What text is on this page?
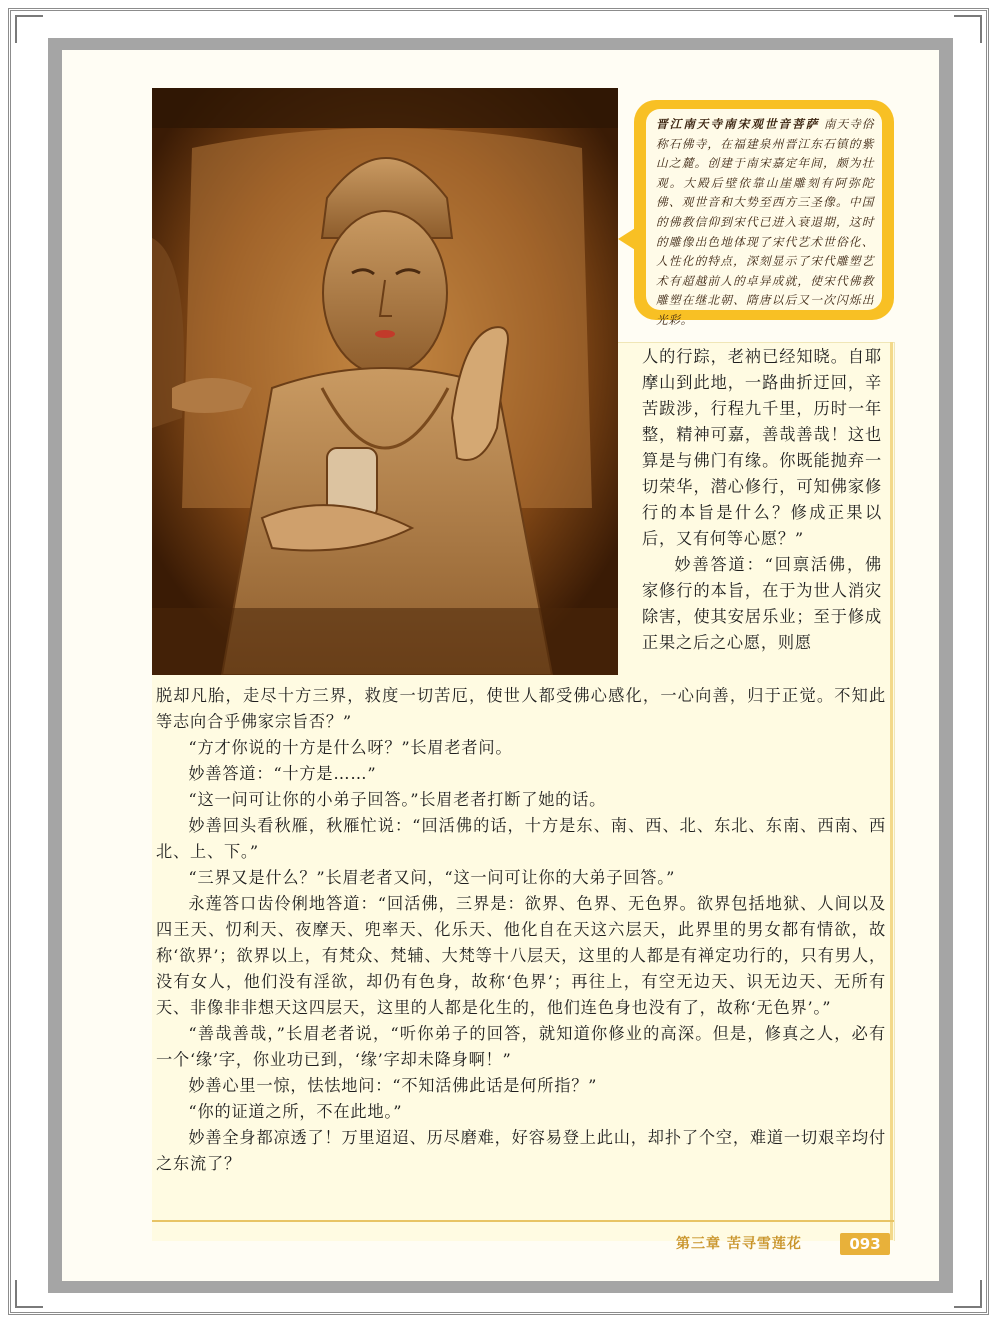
晋江南天寺南宋观世音菩萨 南天寺俗称石佛寺，在福建泉州晋江东石镇的紫山之麓。创建于南宋嘉定年间，颇为壮观。大殿后壁依靠山崖雕刻有阿弥陀佛、观世音和大势至西方三圣像。中国的佛教信仰到宋代已进入衰退期，这时的雕像出色地体现了宋代艺术世俗化、人性化的特点，深刻显示了宋代雕塑艺术有超越前人的卓异成就，使宋代佛教雕塑在继北朝、隋唐以后又一次闪烁出光彩。

人的行踪，老衲已经知晓。自耶摩山到此地，一路曲折迂回，辛苦跋涉，行程九千里，历时一年整，精神可嘉，善哉善哉！这也算是与佛门有缘。你既能抛弃一切荣华，潜心修行，可知佛家修行的本旨是什么？修成正果以后，又有何等心愿？”

妙善答道：“回禀活佛，佛家修行的本旨，在于为世人消灾除害，使其安居乐业；至于修成正果之后之心愿，则愿

脱却凡胎，走尽十方三界，救度一切苦厄，使世人都受佛心感化，一心向善，归于正觉。不知此等志向合乎佛家宗旨否？”

“方才你说的十方是什么呀？”长眉老者问。

妙善答道：“十方是……”

“这一问可让你的小弟子回答。”长眉老者打断了她的话。

妙善回头看秋雁，秋雁忙说：“回活佛的话，十方是东、南、西、北、东北、东南、西南、西北、上、下。”

“三界又是什么？”长眉老者又问，“这一问可让你的大弟子回答。”

永莲答口齿伶俐地答道：“回活佛，三界是：欲界、色界、无色界。欲界包括地狱、人间以及四王天、忉利天、夜摩天、兜率天、化乐天、他化自在天这六层天，此界里的男女都有情欲，故称‘欲界’；欲界以上，有梵众、梵辅、大梵等十八层天，这里的人都是有禅定功行的，只有男人，没有女人，他们没有淫欲，却仍有色身，故称‘色界’；再往上，有空无边天、识无边天、无所有天、非像非非想天这四层天，这里的人都是化生的，他们连色身也没有了，故称‘无色界’。”

“善哉善哉，”长眉老者说，“听你弟子的回答，就知道你修业的高深。但是，修真之人，必有一个‘缘’字，你业功已到，‘缘’字却未降身啊！”

妙善心里一惊，怯怯地问：“不知活佛此话是何所指？”

“你的证道之所，不在此地。”

妙善全身都凉透了！万里迢迢、历尽磨难，好容易登上此山，却扑了个空，难道一切艰辛均付之东流了？

第三章 苦寻雪莲花	093
